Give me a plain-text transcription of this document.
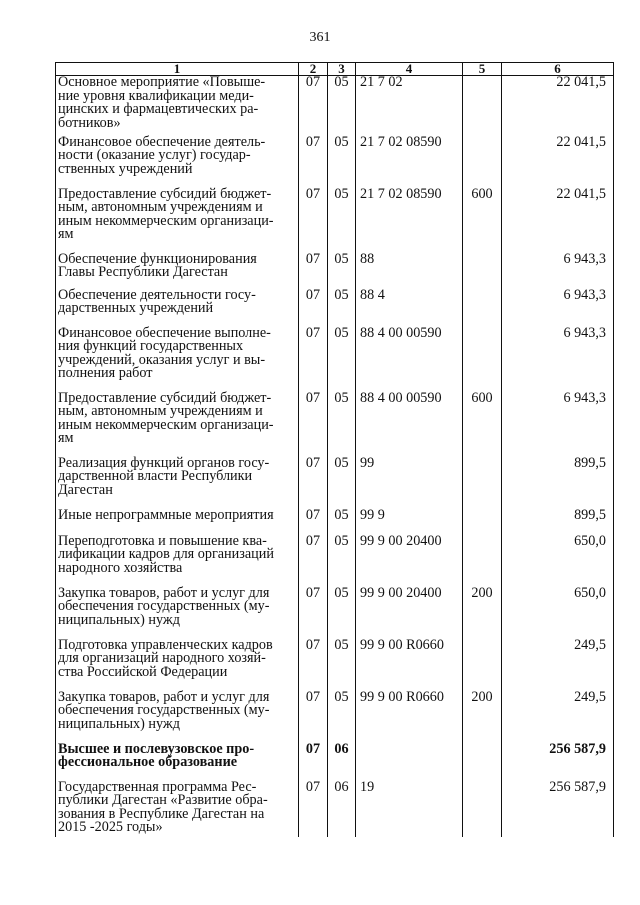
361
1	2	3	4	5	6
Основное мероприятие «Повыше-
ние уровня квалификации меди-
цинских и фармацевтических ра-
ботников»	07	05	21 7 02		22 041,5
Финансовое обеспечение деятель-
ности (оказание услуг) государ-
ственных учреждений	07	05	21 7 02 08590		22 041,5
Предоставление субсидий бюджет-
ным, автономным учреждениям и
иным некоммерческим организаци-
ям	07	05	21 7 02 08590	600	22 041,5
Обеспечение функционирования
Главы Республики Дагестан	07	05	88		6 943,3
Обеспечение деятельности госу-
дарственных учреждений	07	05	88 4		6 943,3
Финансовое обеспечение выполне-
ния функций государственных
учреждений, оказания услуг и вы-
полнения работ	07	05	88 4 00 00590		6 943,3
Предоставление субсидий бюджет-
ным, автономным учреждениям и
иным некоммерческим организаци-
ям	07	05	88 4 00 00590	600	6 943,3
Реализация функций органов госу-
дарственной власти Республики
Дагестан	07	05	99		899,5
Иные непрограммные мероприятия	07	05	99 9		899,5
Переподготовка и повышение ква-
лификации кадров для организаций
народного хозяйства	07	05	99 9 00 20400		650,0
Закупка товаров, работ и услуг для
обеспечения государственных (му-
ниципальных) нужд	07	05	99 9 00 20400	200	650,0
Подготовка управленческих кадров
для организаций народного хозяй-
ства Российской Федерации	07	05	99 9 00 R0660		249,5
Закупка товаров, работ и услуг для
обеспечения государственных (му-
ниципальных) нужд	07	05	99 9 00 R0660	200	249,5
Высшее и послевузовское про-
фессиональное образование	07	06			256 587,9
Государственная программа Рес-
публики Дагестан «Развитие обра-
зования в Республике Дагестан на
2015 -2025 годы»	07	06	19		256 587,9
